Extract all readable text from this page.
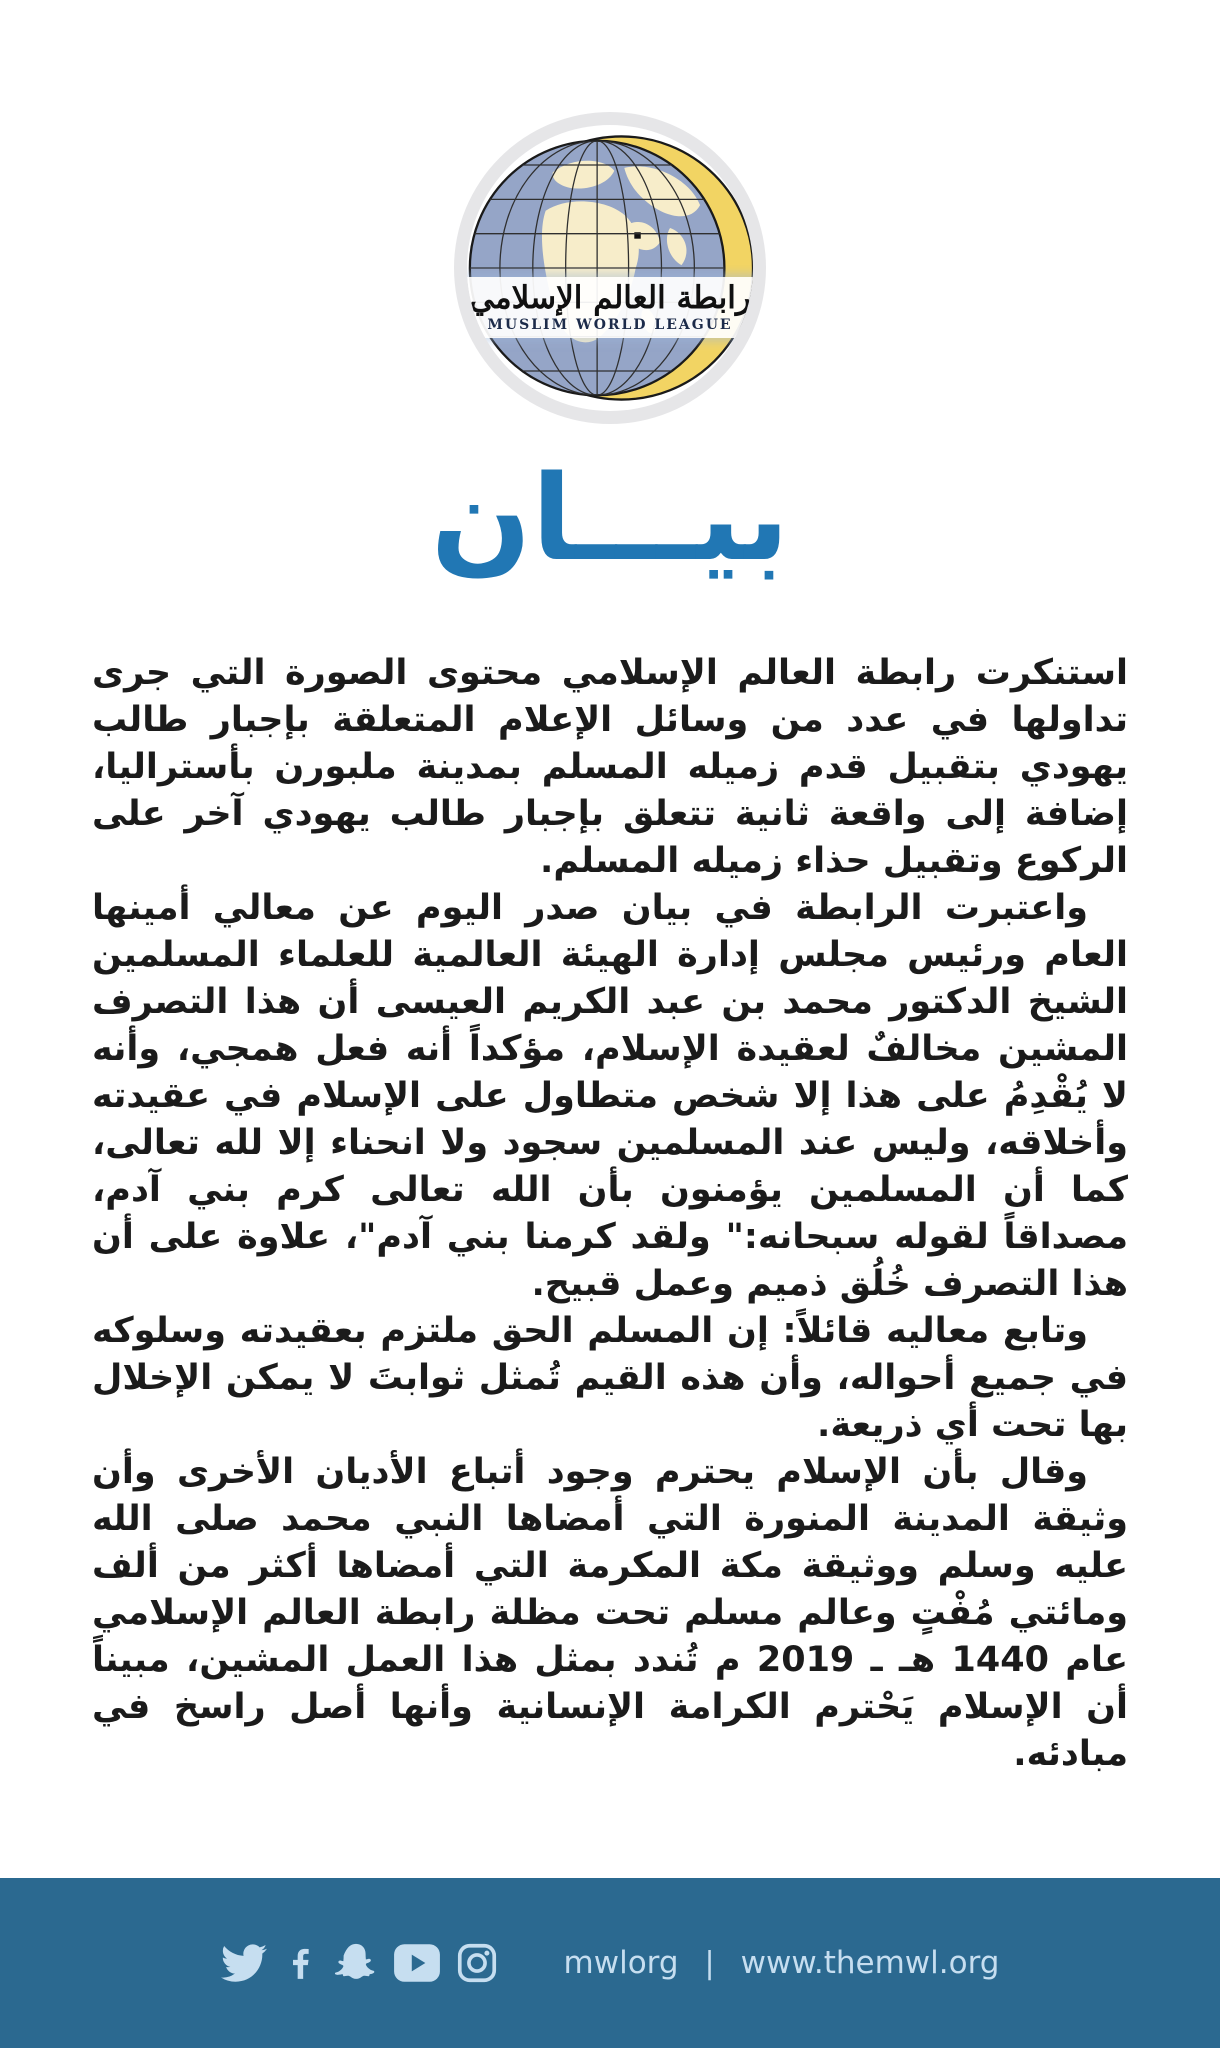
رابطة العالم الإسلامي
MUSLIM WORLD LEAGUE
بيـــان

استنكرت رابطة العالم الإسلامي محتوى الصورة التي جرى تداولها في عدد من وسائل الإعلام المتعلقة بإجبار طالب يهودي بتقبيل قدم زميله المسلم بمدينة ملبورن بأستراليا، إضافة إلى واقعة ثانية تتعلق بإجبار طالب يهودي آخر على الركوع وتقبيل حذاء زميله المسلم.

واعتبرت الرابطة في بيان صدر اليوم عن معالي أمينها العام ورئيس مجلس إدارة الهيئة العالمية للعلماء المسلمين الشيخ الدكتور محمد بن عبد الكريم العيسى أن هذا التصرف المشين مخالفٌ لعقيدة الإسلام، مؤكداً أنه فعل همجي، وأنه لا يُقْدِمُ على هذا إلا شخص متطاول على الإسلام في عقيدته وأخلاقه، وليس عند المسلمين سجود ولا انحناء إلا لله تعالى، كما أن المسلمين يؤمنون بأن الله تعالى كرم بني آدم، مصداقاً لقوله سبحانه:" ولقد كرمنا بني آدم"، علاوة على أن هذا التصرف خُلُق ذميم وعمل قبيح.

وتابع معاليه قائلاً: إن المسلم الحق ملتزم بعقيدته وسلوكه في جميع أحواله، وأن هذه القيم تُمثل ثوابتَ لا يمكن الإخلال بها تحت أي ذريعة.

وقال بأن الإسلام يحترم وجود أتباع الأديان الأخرى وأن وثيقة المدينة المنورة التي أمضاها النبي محمد صلى الله عليه وسلم ووثيقة مكة المكرمة التي أمضاها أكثر من ألف ومائتي مُفْتٍ وعالم مسلم تحت مظلة رابطة العالم الإسلامي عام 1440 هـ ـ 2019 م تُندد بمثل هذا العمل المشين، مبيناً أن الإسلام يَحْترم الكرامة الإنسانية وأنها أصل راسخ في مبادئه.

mwlorg | www.themwl.org
